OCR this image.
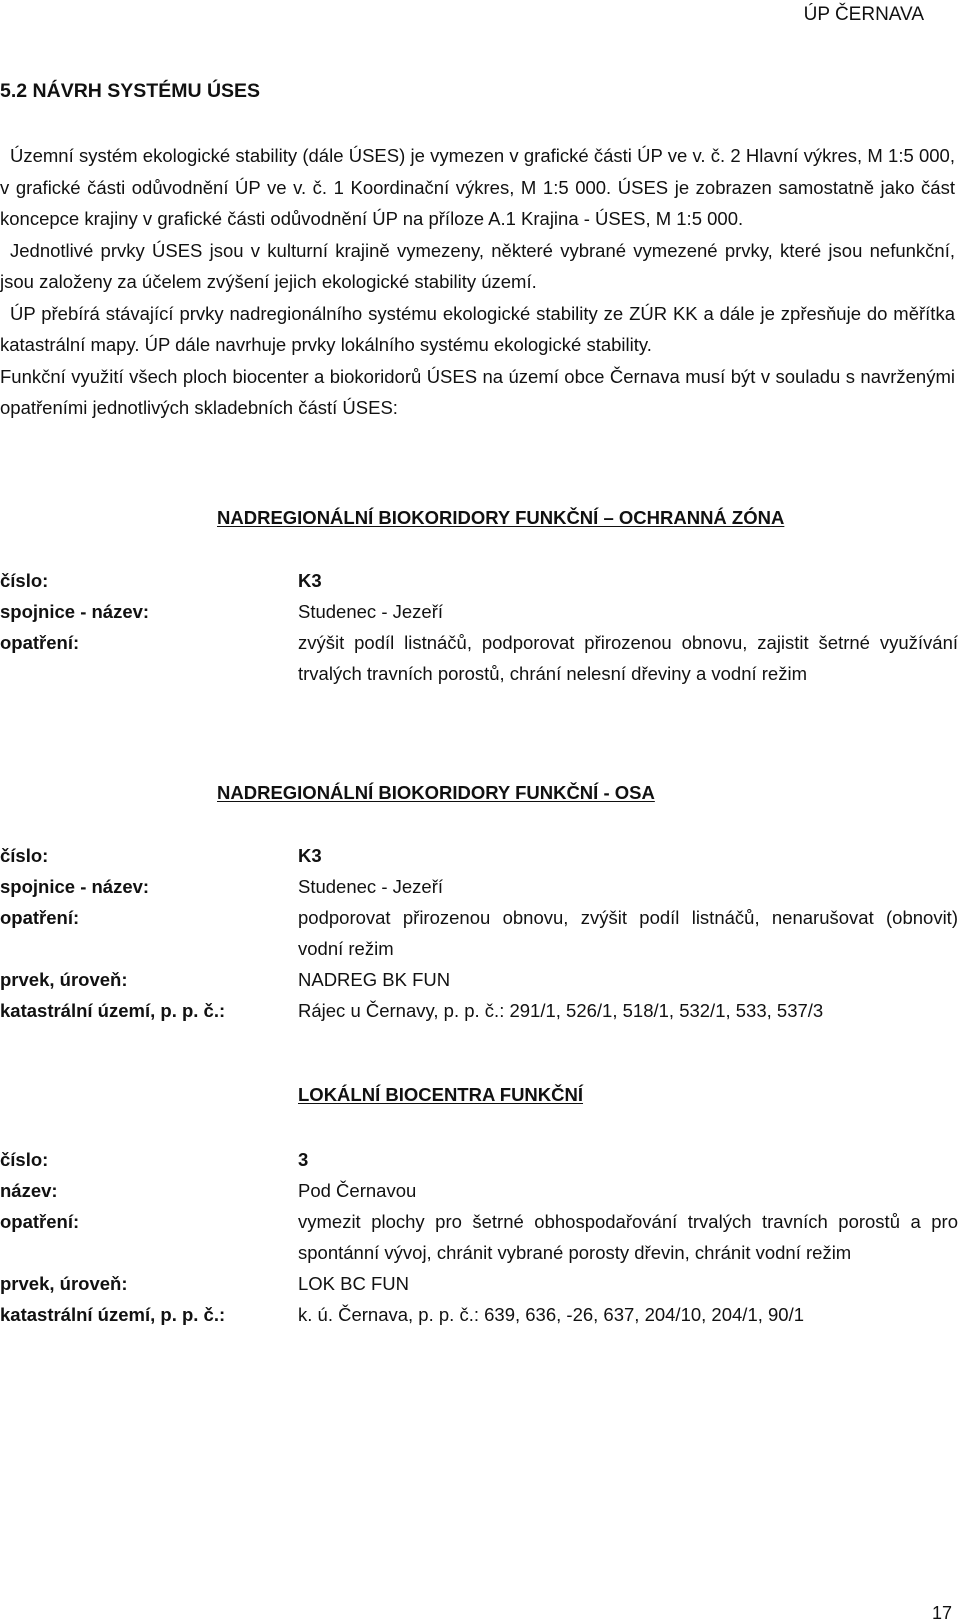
ÚP ČERNAVA
5.2 NÁVRH SYSTÉMU ÚSES

Územní systém ekologické stability (dále ÚSES) je vymezen v grafické části ÚP ve v. č. 2 Hlavní výkres, M 1:5 000, v grafické části odůvodnění ÚP ve v. č. 1 Koordinační výkres, M 1:5 000. ÚSES je zobrazen samostatně jako část koncepce krajiny v grafické části odůvodnění ÚP na příloze A.1 Krajina - ÚSES, M 1:5 000.

Jednotlivé prvky ÚSES jsou v kulturní krajině vymezeny, některé vybrané vymezené prvky, které jsou nefunkční, jsou založeny za účelem zvýšení jejich ekologické stability území.

ÚP přebírá stávající prvky nadregionálního systému ekologické stability ze ZÚR KK a dále je zpřesňuje do měřítka katastrální mapy. ÚP dále navrhuje prvky lokálního systému ekologické stability.

Funkční využití všech ploch biocenter a biokoridorů ÚSES na území obce Černava musí být v souladu s navrženými opatřeními jednotlivých skladebních částí ÚSES:

NADREGIONÁLNÍ BIOKORIDORY FUNKČNÍ – OCHRANNÁ ZÓNA
číslo:	K3
spojnice - název:	Studenec - Jezeří
opatření:	zvýšit podíl listnáčů, podporovat přirozenou obnovu, zajistit šetrné využívání trvalých travních porostů, chrání nelesní dřeviny a vodní režim
NADREGIONÁLNÍ BIOKORIDORY FUNKČNÍ - OSA
číslo:	K3
spojnice - název:	Studenec - Jezeří
opatření:	podporovat přirozenou obnovu, zvýšit podíl listnáčů, nenarušovat (obnovit) vodní režim
prvek, úroveň:	NADREG BK FUN
katastrální území, p. p. č.:	Rájec u Černavy, p. p. č.: 291/1, 526/1, 518/1, 532/1, 533, 537/3
LOKÁLNÍ BIOCENTRA FUNKČNÍ
číslo:	3
název:	Pod Černavou
opatření:	vymezit plochy pro šetrné obhospodařování trvalých travních porostů a pro spontánní vývoj, chránit vybrané porosty dřevin, chránit vodní režim
prvek, úroveň:	LOK BC FUN
katastrální území, p. p. č.:	k. ú. Černava, p. p. č.: 639, 636, -26, 637, 204/10, 204/1, 90/1
17
